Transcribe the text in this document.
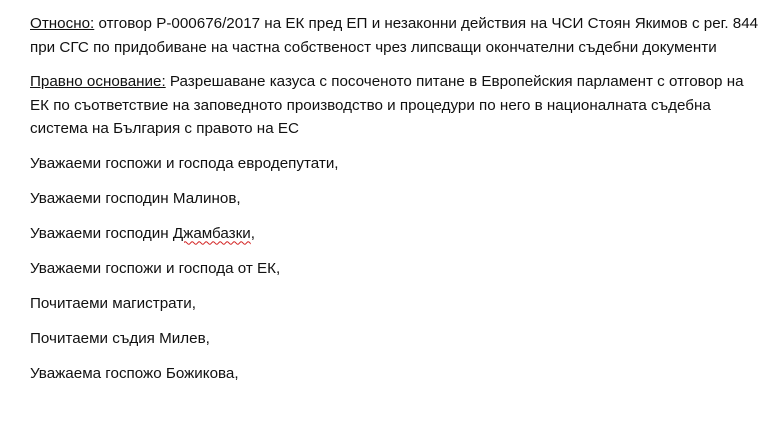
Относно: отговор Р-000676/2017 на ЕК пред ЕП и незаконни действия на ЧСИ Стоян Якимов с рег. 844 при СГС по придобиване на частна собственост чрез липсващи окончателни съдебни документи

Правно основание: Разрешаване казуса с посоченото питане в Европейския парламент с отговор на ЕК по съответствие на заповедното производство и процедури по него в националната съдебна система на България с правото на ЕС

Уважаеми госпожи и господа евродепутати,

Уважаеми господин Малинов,

Уважаеми господин Джамбазки,

Уважаеми госпожи и господа от ЕК,

Почитаеми магистрати,

Почитаеми съдия Милев,

Уважаема госпожо Божикова,
